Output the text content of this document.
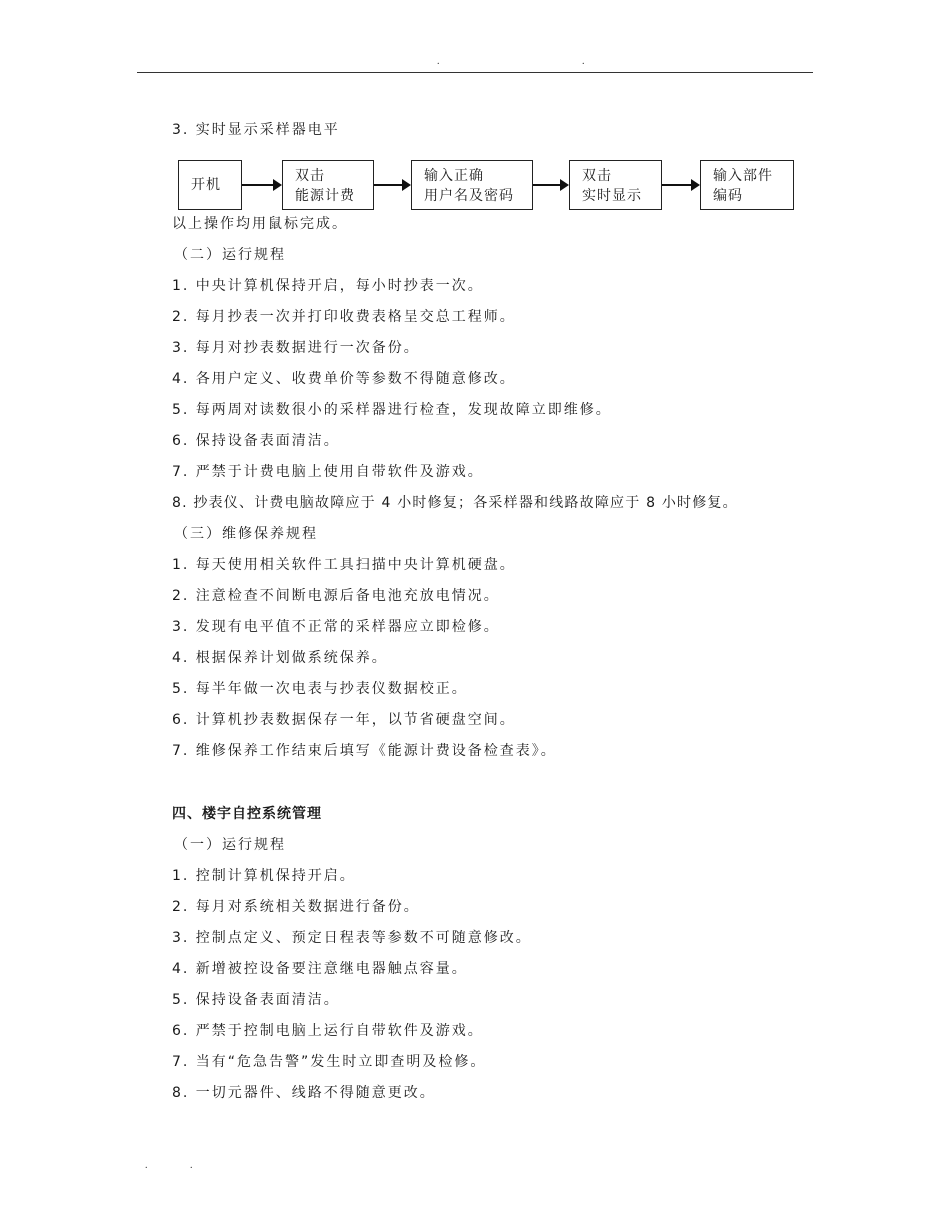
. .
3. 实时显示采样器电平
开机
双击
能源计费
输入正确
用户名及密码
双击
实时显示
输入部件
编码
以上操作均用鼠标完成。
（二）运行规程
1. 中央计算机保持开启，每小时抄表一次。
2. 每月抄表一次并打印收费表格呈交总工程师。
3. 每月对抄表数据进行一次备份。
4. 各用户定义、收费单价等参数不得随意修改。
5. 每两周对读数很小的采样器进行检查，发现故障立即维修。
6. 保持设备表面清洁。
7. 严禁于计费电脑上使用自带软件及游戏。
8. 抄表仪、计费电脑故障应于 4 小时修复；各采样器和线路故障应于 8 小时修复。
（三）维修保养规程
1. 每天使用相关软件工具扫描中央计算机硬盘。
2. 注意检查不间断电源后备电池充放电情况。
3. 发现有电平值不正常的采样器应立即检修。
4. 根据保养计划做系统保养。
5. 每半年做一次电表与抄表仪数据校正。
6. 计算机抄表数据保存一年，以节省硬盘空间。
7. 维修保养工作结束后填写《能源计费设备检查表》。
四、楼宇自控系统管理
（一）运行规程
1. 控制计算机保持开启。
2. 每月对系统相关数据进行备份。
3. 控制点定义、预定日程表等参数不可随意修改。
4. 新增被控设备要注意继电器触点容量。
5. 保持设备表面清洁。
6. 严禁于控制电脑上运行自带软件及游戏。
7. 当有“危急告警”发生时立即查明及检修。
8. 一切元器件、线路不得随意更改。
. .
